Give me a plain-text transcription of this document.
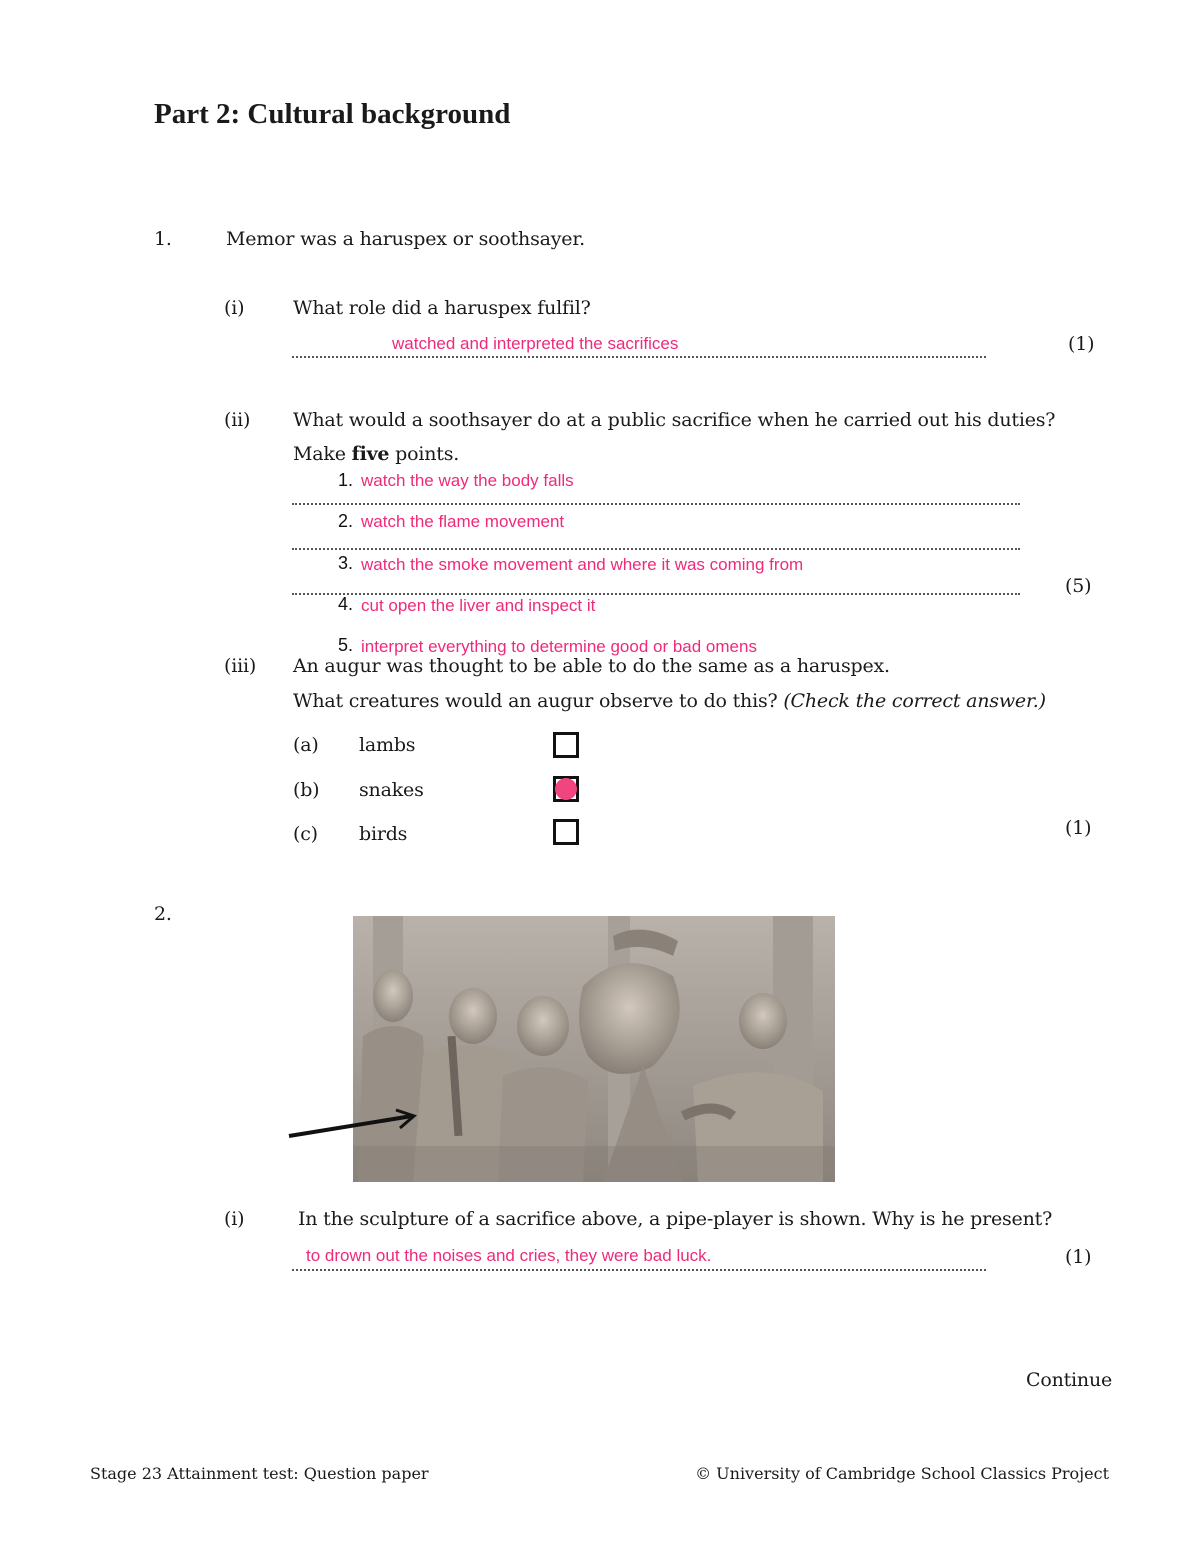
Part 2: Cultural background
1.	Memor was a haruspex or soothsayer.
(i)	What role did a haruspex fulfil?
watched and interpreted the sacrifices	(1)
(ii) What would a soothsayer do at a public sacrifice when he carried out his duties?
Make five points.
1. watch the way the body falls
2. watch the flame movement
3. watch the smoke movement and where it was coming from
(5)
4. cut open the liver and inspect it
5. interpret everything to determine good or bad omens
(iii) An augur was thought to be able to do the same as a haruspex.
What creatures would an augur observe to do this? (Check the correct answer.)
(a) lambs
(b) snakes
(c) birds	(1)
2.
(i)	In the sculpture of a sacrifice above, a pipe-player is shown. Why is he present?
to drown out the noises and cries, they were bad luck.	(1)
Continue
Stage 23 Attainment test: Question paper	© University of Cambridge School Classics Project
